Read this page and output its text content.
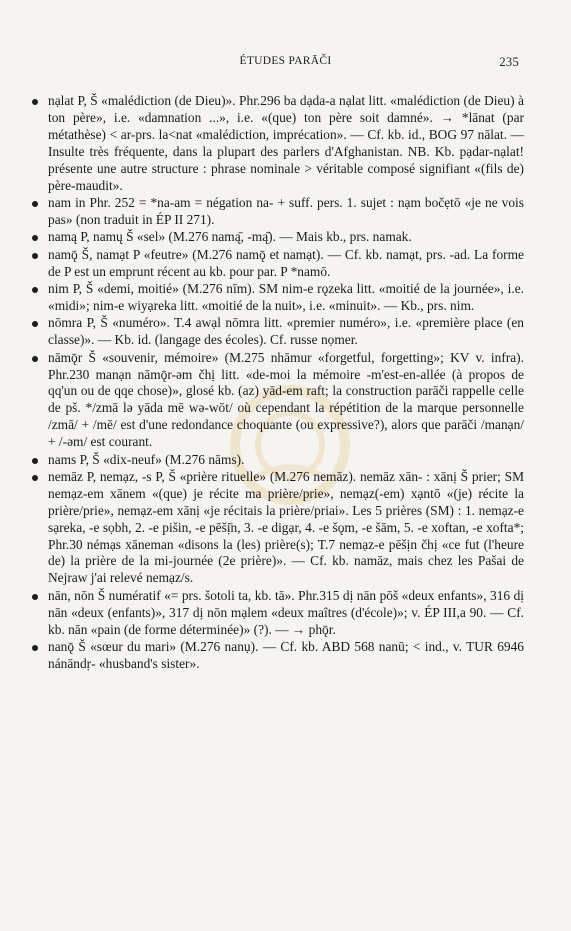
ÉTUDES PARĀČI	235

nạlat P, Š «malédiction (de Dieu)». Phr.296 ba dạda-a nạlat litt. «malédiction (de Dieu) à ton père», i.e. «damnation ...», i.e. «(que) ton père soit damné». → *lānat (par métathèse) < ar-prs. la<nat «malédiction, imprécation». — Cf. kb. id., BOG 97 nālat. — Insulte très fréquente, dans la plupart des parlers d'Afghanistan. NB. Kb. pạdar-nạlat! présente une autre structure : phrase nominale > véritable composé signifiant «(fils de) père-maudit».

nam in Phr. 252 = *na-am = négation na- + suff. pers. 1. sujet : nạm bočẹtō «je ne vois pas» (non traduit in ÉP II 271).

namą P, namų Š «sel» (M.276 namą̄, -mą̄). — Mais kb., prs. namak.

namǭ Š, namạt P «feutre» (M.276 namǭ et namạt). — Cf. kb. namạt, prs. -ad. La forme de P est un emprunt récent au kb. pour par. P *namō.

nim P, Š «demi, moitié» (M.276 nīm). SM nim-e rǫzeka litt. «moitié de la journée», i.e. «midi»; nim-e wiyạreka litt. «moitié de la nuit», i.e. «minuit». — Kb., prs. nim.

nōmra P, Š «numéro». T.4 awạl nōmra litt. «premier numéro», i.e. «première place (en classe)». — Kb. id. (langage des écoles). Cf. russe nọmer.

nāmǭr Š «souvenir, mémoire» (M.275 nhāmur «forgetful, forgetting»; KV v. infra). Phr.230 manạn nāmǭr-əm čhị litt. «de-moi la mémoire -m'est-en-allée (à propos de qq'un ou de qqe chose)», glosé kb. (az) yād-em raft; la construction parāči rappelle celle de pš. */zmā lə yāda mē wə-wōt/ où cependant la répétition de la marque personnelle /zmā/ + /mē/ est d'une redondance choquante (ou expressive?), alors que parāči /manạn/ + /-əm/ est courant.

nams P, Š «dix-neuf» (M.276 nāms).

nemāz P, nemạz, -s P, Š «prière rituelle» (M.276 nemāz). nemāz xān- : xānị Š prier; SM nemạz-em xānem «(que) je récite ma prière/prie», nemạz(-em) xạntō «(je) récite la prière/prie», nemạz-em xānị «je récitais la prière/priai». Les 5 prières (SM) : 1. nemạz-e sạreka, -e sọbh, 2. -e pišin, -e pēšị̄n, 3. -e digạr, 4. -e šǫm, -e šām, 5. -e xoftan, -e xofta*; Phr.30 némạs xāneman «disons la (les) prière(s); T.7 nemạz-e pēšịn čhị «ce fut (l'heure de) la prière de la mi-journée (2e prière)». — Cf. kb. namāz, mais chez les Pašai de Nejraw j'ai relevé nemạz/s.

nān, nōn Š numératif «= prs. šotoli ta, kb. tā». Phr.315 dị nān pōš «deux enfants», 316 dị nān «deux (enfants)», 317 dị nōn mạlem «deux maîtres (d'école)»; v. ÉP III,a 90. — Cf. kb. nān «pain (de forme déterminée)» (?). — → phǭr.

nanǭ Š «sœur du mari» (M.276 nanụ). — Cf. kb. ABD 568 nanū; < ind., v. TUR 6946 nánāndṛ- «husband's sister».
